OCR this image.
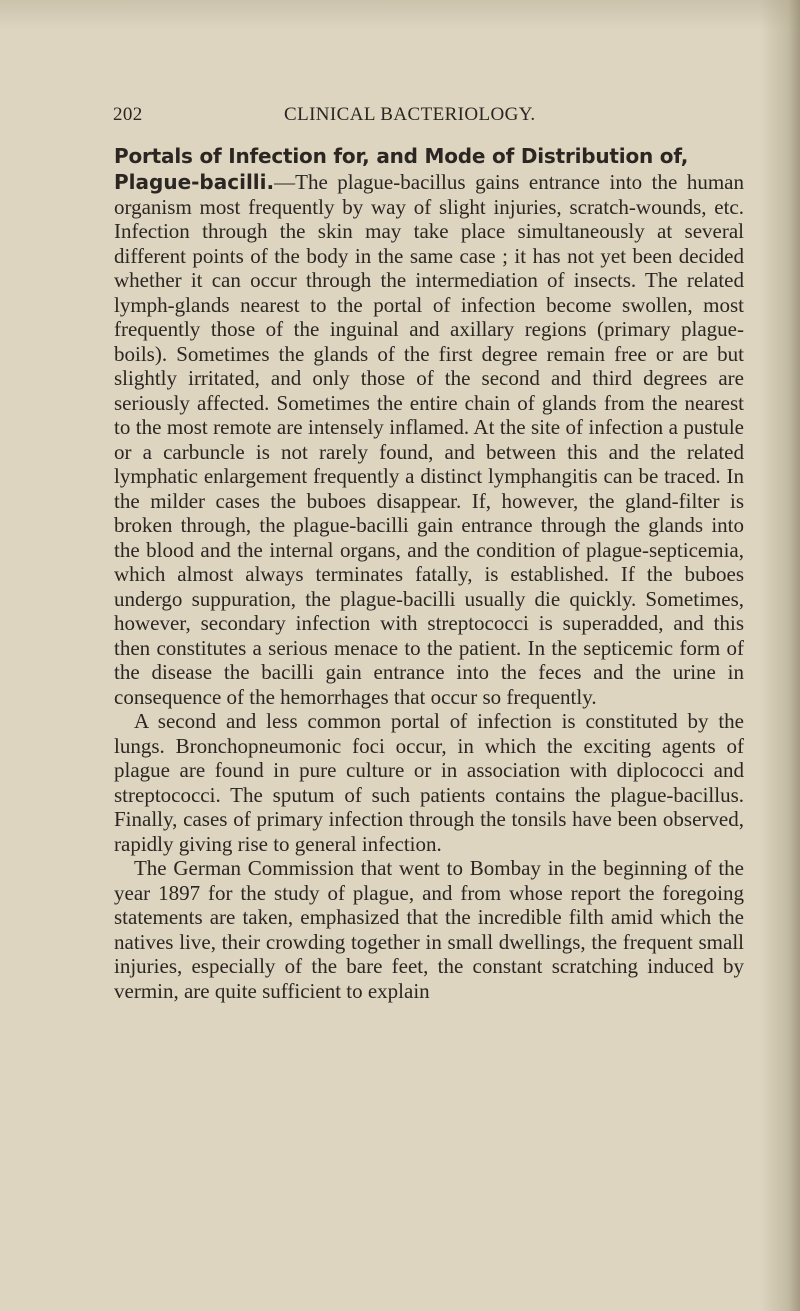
202	CLINICAL BACTERIOLOGY.
Portals of Infection for, and Mode of Distribution of,

Plague-bacilli.—The plague-bacillus gains entrance into the human organism most frequently by way of slight injuries, scratch-wounds, etc. Infection through the skin may take place simultaneously at several different points of the body in the same case ; it has not yet been decided whether it can occur through the intermediation of insects. The related lymph-glands nearest to the portal of infection become swollen, most frequently those of the inguinal and axillary regions (primary plague-boils). Sometimes the glands of the first degree remain free or are but slightly irritated, and only those of the second and third degrees are seriously affected. Sometimes the entire chain of glands from the nearest to the most remote are intensely inflamed. At the site of infection a pustule or a carbuncle is not rarely found, and between this and the related lymphatic enlargement frequently a distinct lymphangitis can be traced. In the milder cases the buboes disappear. If, however, the gland-filter is broken through, the plague-bacilli gain entrance through the glands into the blood and the internal organs, and the condition of plague-septicemia, which almost always terminates fatally, is established. If the buboes undergo suppuration, the plague-bacilli usually die quickly. Sometimes, however, secondary infection with streptococci is superadded, and this then constitutes a serious menace to the patient. In the septicemic form of the disease the bacilli gain entrance into the feces and the urine in consequence of the hemorrhages that occur so frequently.

A second and less common portal of infection is constituted by the lungs. Bronchopneumonic foci occur, in which the exciting agents of plague are found in pure culture or in association with diplococci and streptococci. The sputum of such patients contains the plague-bacillus. Finally, cases of primary infection through the tonsils have been observed, rapidly giving rise to general infection.

The German Commission that went to Bombay in the beginning of the year 1897 for the study of plague, and from whose report the foregoing statements are taken, emphasized that the incredible filth amid which the natives live, their crowding together in small dwellings, the frequent small injuries, especially of the bare feet, the constant scratching induced by vermin, are quite sufficient to explain
